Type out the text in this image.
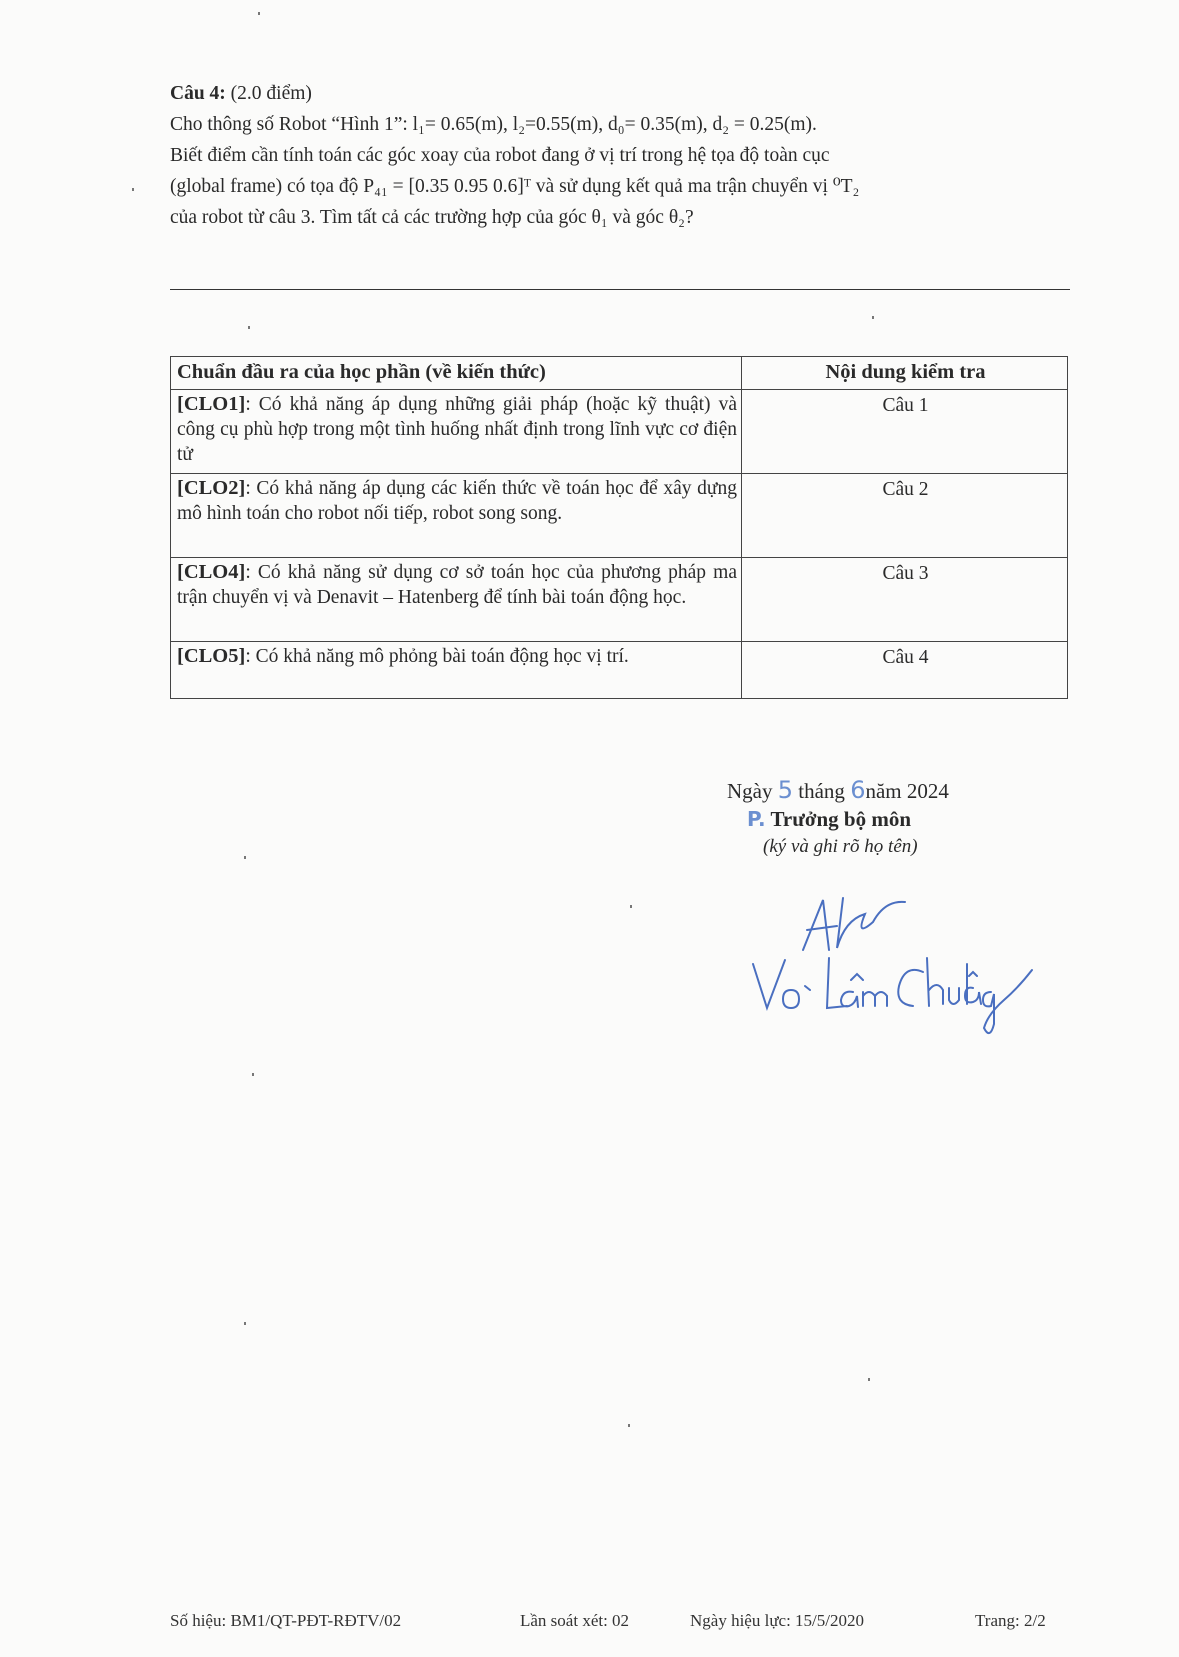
Câu 4: (2.0 điểm)
Cho thông số Robot “Hình 1”: l₁= 0.65(m), l₂=0.55(m), d₀= 0.35(m), d₂ = 0.25(m).
Biết điểm cần tính toán các góc xoay của robot đang ở vị trí trong hệ tọa độ toàn cục
(global frame) có tọa độ P₄₁ = [0.35 0.95 0.6]ᵀ và sử dụng kết quả ma trận chuyển vị ⁰T₂
của robot từ câu 3. Tìm tất cả các trường hợp của góc θ₁ và góc θ₂?
Chuẩn đầu ra của học phần (về kiến thức)	Nội dung kiểm tra
[CLO1]: Có khả năng áp dụng những giải pháp (hoặc kỹ thuật) và công cụ phù hợp trong một tình huống nhất định trong lĩnh vực cơ điện tử	Câu 1
[CLO2]: Có khả năng áp dụng các kiến thức về toán học để xây dựng mô hình toán cho robot nối tiếp, robot song song.	Câu 2
[CLO4]: Có khả năng sử dụng cơ sở toán học của phương pháp ma trận chuyển vị và Denavit – Hatenberg để tính bài toán động học.	Câu 3
[CLO5]: Có khả năng mô phỏng bài toán động học vị trí.	Câu 4
Ngày 5 tháng 6năm 2024
P. Trưởng bộ môn
(ký và ghi rõ họ tên)
Số hiệu: BM1/QT-PĐT-RĐTV/02	Lần soát xét: 02	Ngày hiệu lực: 15/5/2020	Trang: 2/2
